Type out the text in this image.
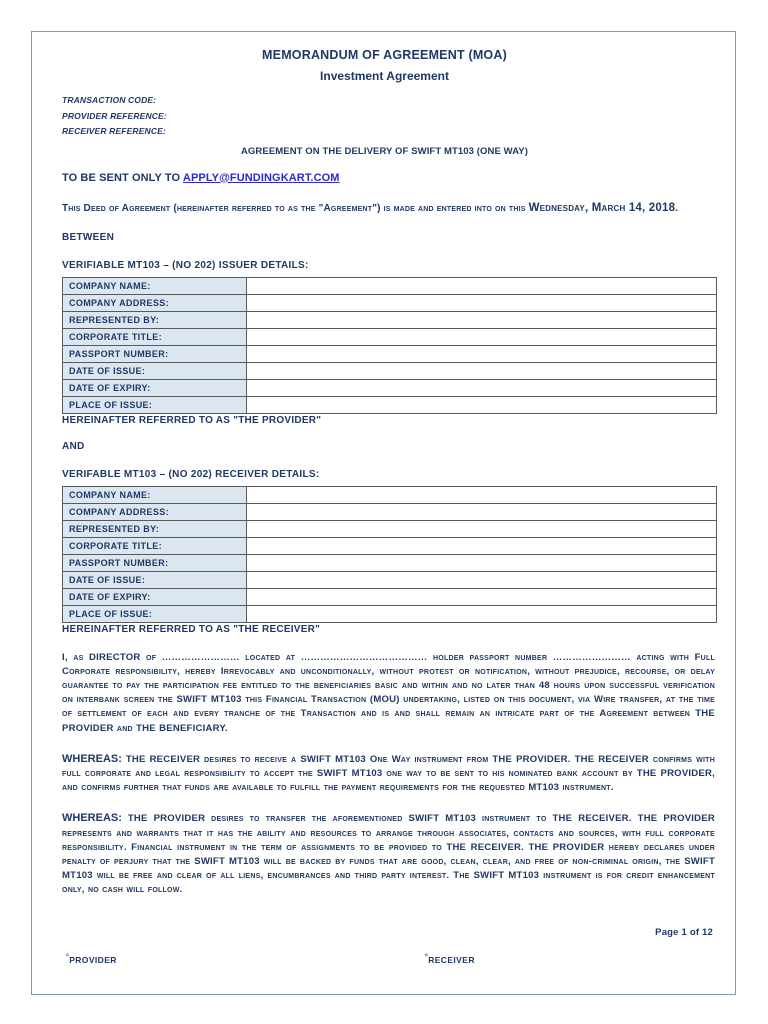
MEMORANDUM OF AGREEMENT (MOA)
Investment Agreement
TRANSACTION CODE:
PROVIDER REFERENCE:
RECEIVER REFERENCE:
AGREEMENT ON THE DELIVERY OF SWIFT MT103 (ONE WAY)
TO BE SENT ONLY TO APPLY@FUNDINGKART.COM
This Deed of Agreement (hereinafter referred to as the "Agreement") is made and entered into on this Wednesday, March 14, 2018.
BETWEEN
VERIFIABLE MT103 – (NO 202) ISSUER DETAILS:
COMPANY NAME:	
COMPANY ADDRESS:	
REPRESENTED BY:	
CORPORATE TITLE:	
PASSPORT NUMBER:	
DATE OF ISSUE:	
DATE OF EXPIRY:	
PLACE OF ISSUE:	
HEREINAFTER REFERRED TO AS "THE PROVIDER"
AND
VERIFABLE MT103 – (NO 202) RECEIVER DETAILS:
COMPANY NAME:	
COMPANY ADDRESS:	
REPRESENTED BY:	
CORPORATE TITLE:	
PASSPORT NUMBER:	
DATE OF ISSUE:	
DATE OF EXPIRY:	
PLACE OF ISSUE:	
HEREINAFTER REFERRED TO AS "THE RECEIVER"
I, as DIRECTOR of …………………… located at ………………………………… holder passport number …………………… acting with Full Corporate responsibility, hereby Irrevocably and unconditionally, without protest or notification, without prejudice, recourse, or delay guarantee to pay the participation fee entitled to the beneficiaries basic and within and no later than 48 hours upon successful verification on interbank screen the SWIFT MT103 this Financial Transaction (MOU) undertaking, listed on this document, via Wire transfer, at the time of settlement of each and every tranche of the Transaction and is and shall remain an intricate part of the Agreement between THE PROVIDER and THE BENEFICIARY.
WHEREAS: THE RECEIVER desires to receive a SWIFT MT103 One Way instrument from THE PROVIDER. THE RECEIVER confirms with full corporate and legal responsibility to accept the SWIFT MT103 one way to be sent to his nominated bank account by THE PROVIDER, and confirms further that funds are available to fulfill the payment requirements for the requested MT103 instrument.
WHEREAS: THE PROVIDER desires to transfer the aforementioned SWIFT MT103 instrument to THE RECEIVER. THE PROVIDER represents and warrants that it has the ability and resources to arrange through associates, contacts and sources, with full corporate responsibility. Financial instrument in the term of assignments to be provided to THE RECEIVER. THE PROVIDER hereby declares under penalty of perjury that the SWIFT MT103 will be backed by funds that are good, clean, clear, and free of non-criminal origin, the SWIFT MT103 will be free and clear of all liens, encumbrances and third party interest. The SWIFT MT103 instrument is for credit enhancement only, no cash will follow.
Page 1 of 12
°PROVIDER	°RECEIVER
